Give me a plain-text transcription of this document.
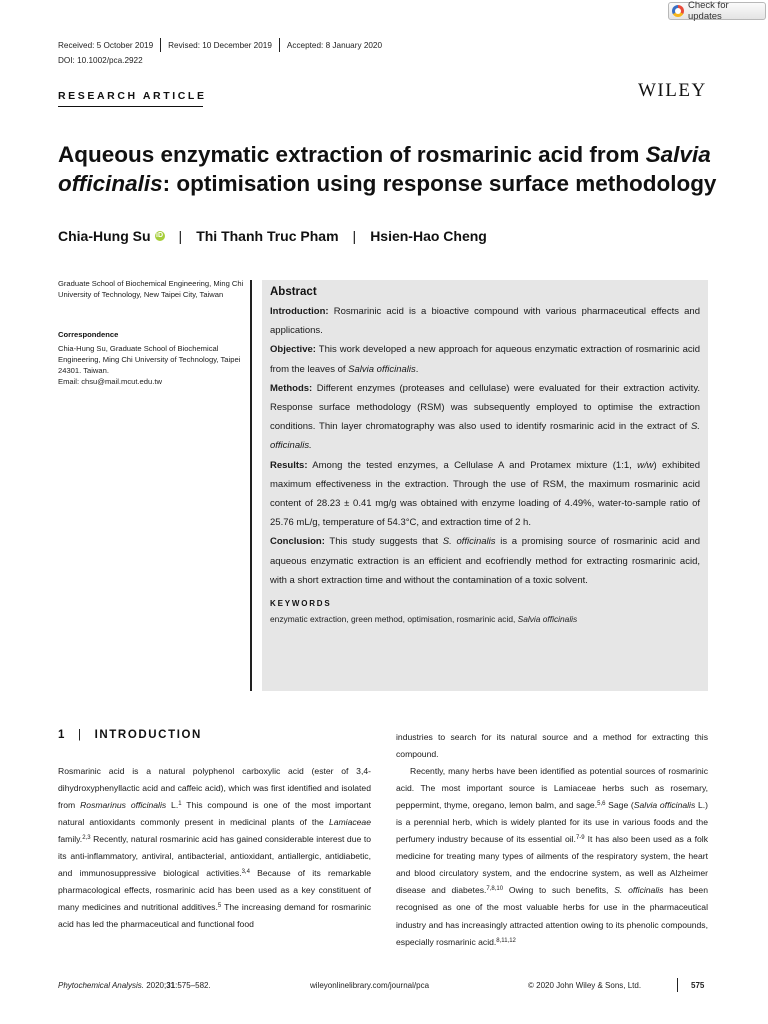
Check for updates
Received: 5 October 2019 Revised: 10 December 2019 Accepted: 8 January 2020
DOI: 10.1002/pca.2922
RESEARCH ARTICLE	WILEY
Aqueous enzymatic extraction of rosmarinic acid from Salvia officinalis: optimisation using response surface methodology
Chia-Hung Su iD | Thi Thanh Truc Pham | Hsien-Hao Cheng
Graduate School of Biochemical Engineering, Ming Chi University of Technology, New Taipei City, Taiwan
Correspondence
Chia-Hung Su, Graduate School of Biochemical Engineering, Ming Chi University of Technology, Taipei 24301. Taiwan.
Email: chsu@mail.mcut.edu.tw
Abstract

Introduction: Rosmarinic acid is a bioactive compound with various pharmaceutical effects and applications.

Objective: This work developed a new approach for aqueous enzymatic extraction of rosmarinic acid from the leaves of Salvia officinalis.

Methods: Different enzymes (proteases and cellulase) were evaluated for their extraction activity. Response surface methodology (RSM) was subsequently employed to optimise the extraction conditions. Thin layer chromatography was also used to identify rosmarinic acid in the extract of S. officinalis.

Results: Among the tested enzymes, a Cellulase A and Protamex mixture (1:1, w/w) exhibited maximum effectiveness in the extraction. Through the use of RSM, the maximum rosmarinic acid content of 28.23 ± 0.41 mg/g was obtained with enzyme loading of 4.49%, water-to-sample ratio of 25.76 mL/g, temperature of 54.3°C, and extraction time of 2 h.

Conclusion: This study suggests that S. officinalis is a promising source of rosmarinic acid and aqueous enzymatic extraction is an efficient and ecofriendly method for extracting rosmarinic acid, with a short extraction time and without the contamination of a toxic solvent.

KEYWORDS
enzymatic extraction, green method, optimisation, rosmarinic acid, Salvia officinalis
1 | INTRODUCTION

Rosmarinic acid is a natural polyphenol carboxylic acid (ester of 3,4-dihydroxyphenyllactic acid and caffeic acid), which was first identified and isolated from Rosmarinus officinalis L.$^1$ This compound is one of the most important natural antioxidants commonly present in medicinal plants of the Lamiaceae family.$^{2,3}$ Recently, natural rosmarinic acid has gained considerable interest due to its anti-inflammatory, antiviral, antibacterial, antioxidant, antiallergic, antidiabetic, and immunosuppressive biological activities.$^{3,4}$ Because of its remarkable pharmacological effects, rosmarinic acid has been used as a key constituent of many medicines and nutritional additives.$^5$ The increasing demand for rosmarinic acid has led the pharmaceutical and functional food

industries to search for its natural source and a method for extracting this compound.

Recently, many herbs have been identified as potential sources of rosmarinic acid. The most important source is Lamiaceae herbs such as rosemary, peppermint, thyme, oregano, lemon balm, and sage.$^{5,6}$ Sage (Salvia officinalis L.) is a perennial herb, which is widely planted for its use in various foods and the perfumery industry because of its essential oil.$^{7-9}$ It has also been used as a folk medicine for treating many types of ailments of the respiratory system, the heart and blood circulatory system, and the endocrine system, as well as Alzheimer disease and diabetes.$^{7,8,10}$ Owing to such benefits, S. officinalis has been recognised as one of the most valuable herbs for use in the pharmaceutical industry and has increasingly attracted attention owing to its phenolic compounds, especially rosmarinic acid.$^{8,11,12}$

Phytochemical Analysis. 2020;31:575–582.	wileyonlinelibrary.com/journal/pca	© 2020 John Wiley & Sons, Ltd.	575
